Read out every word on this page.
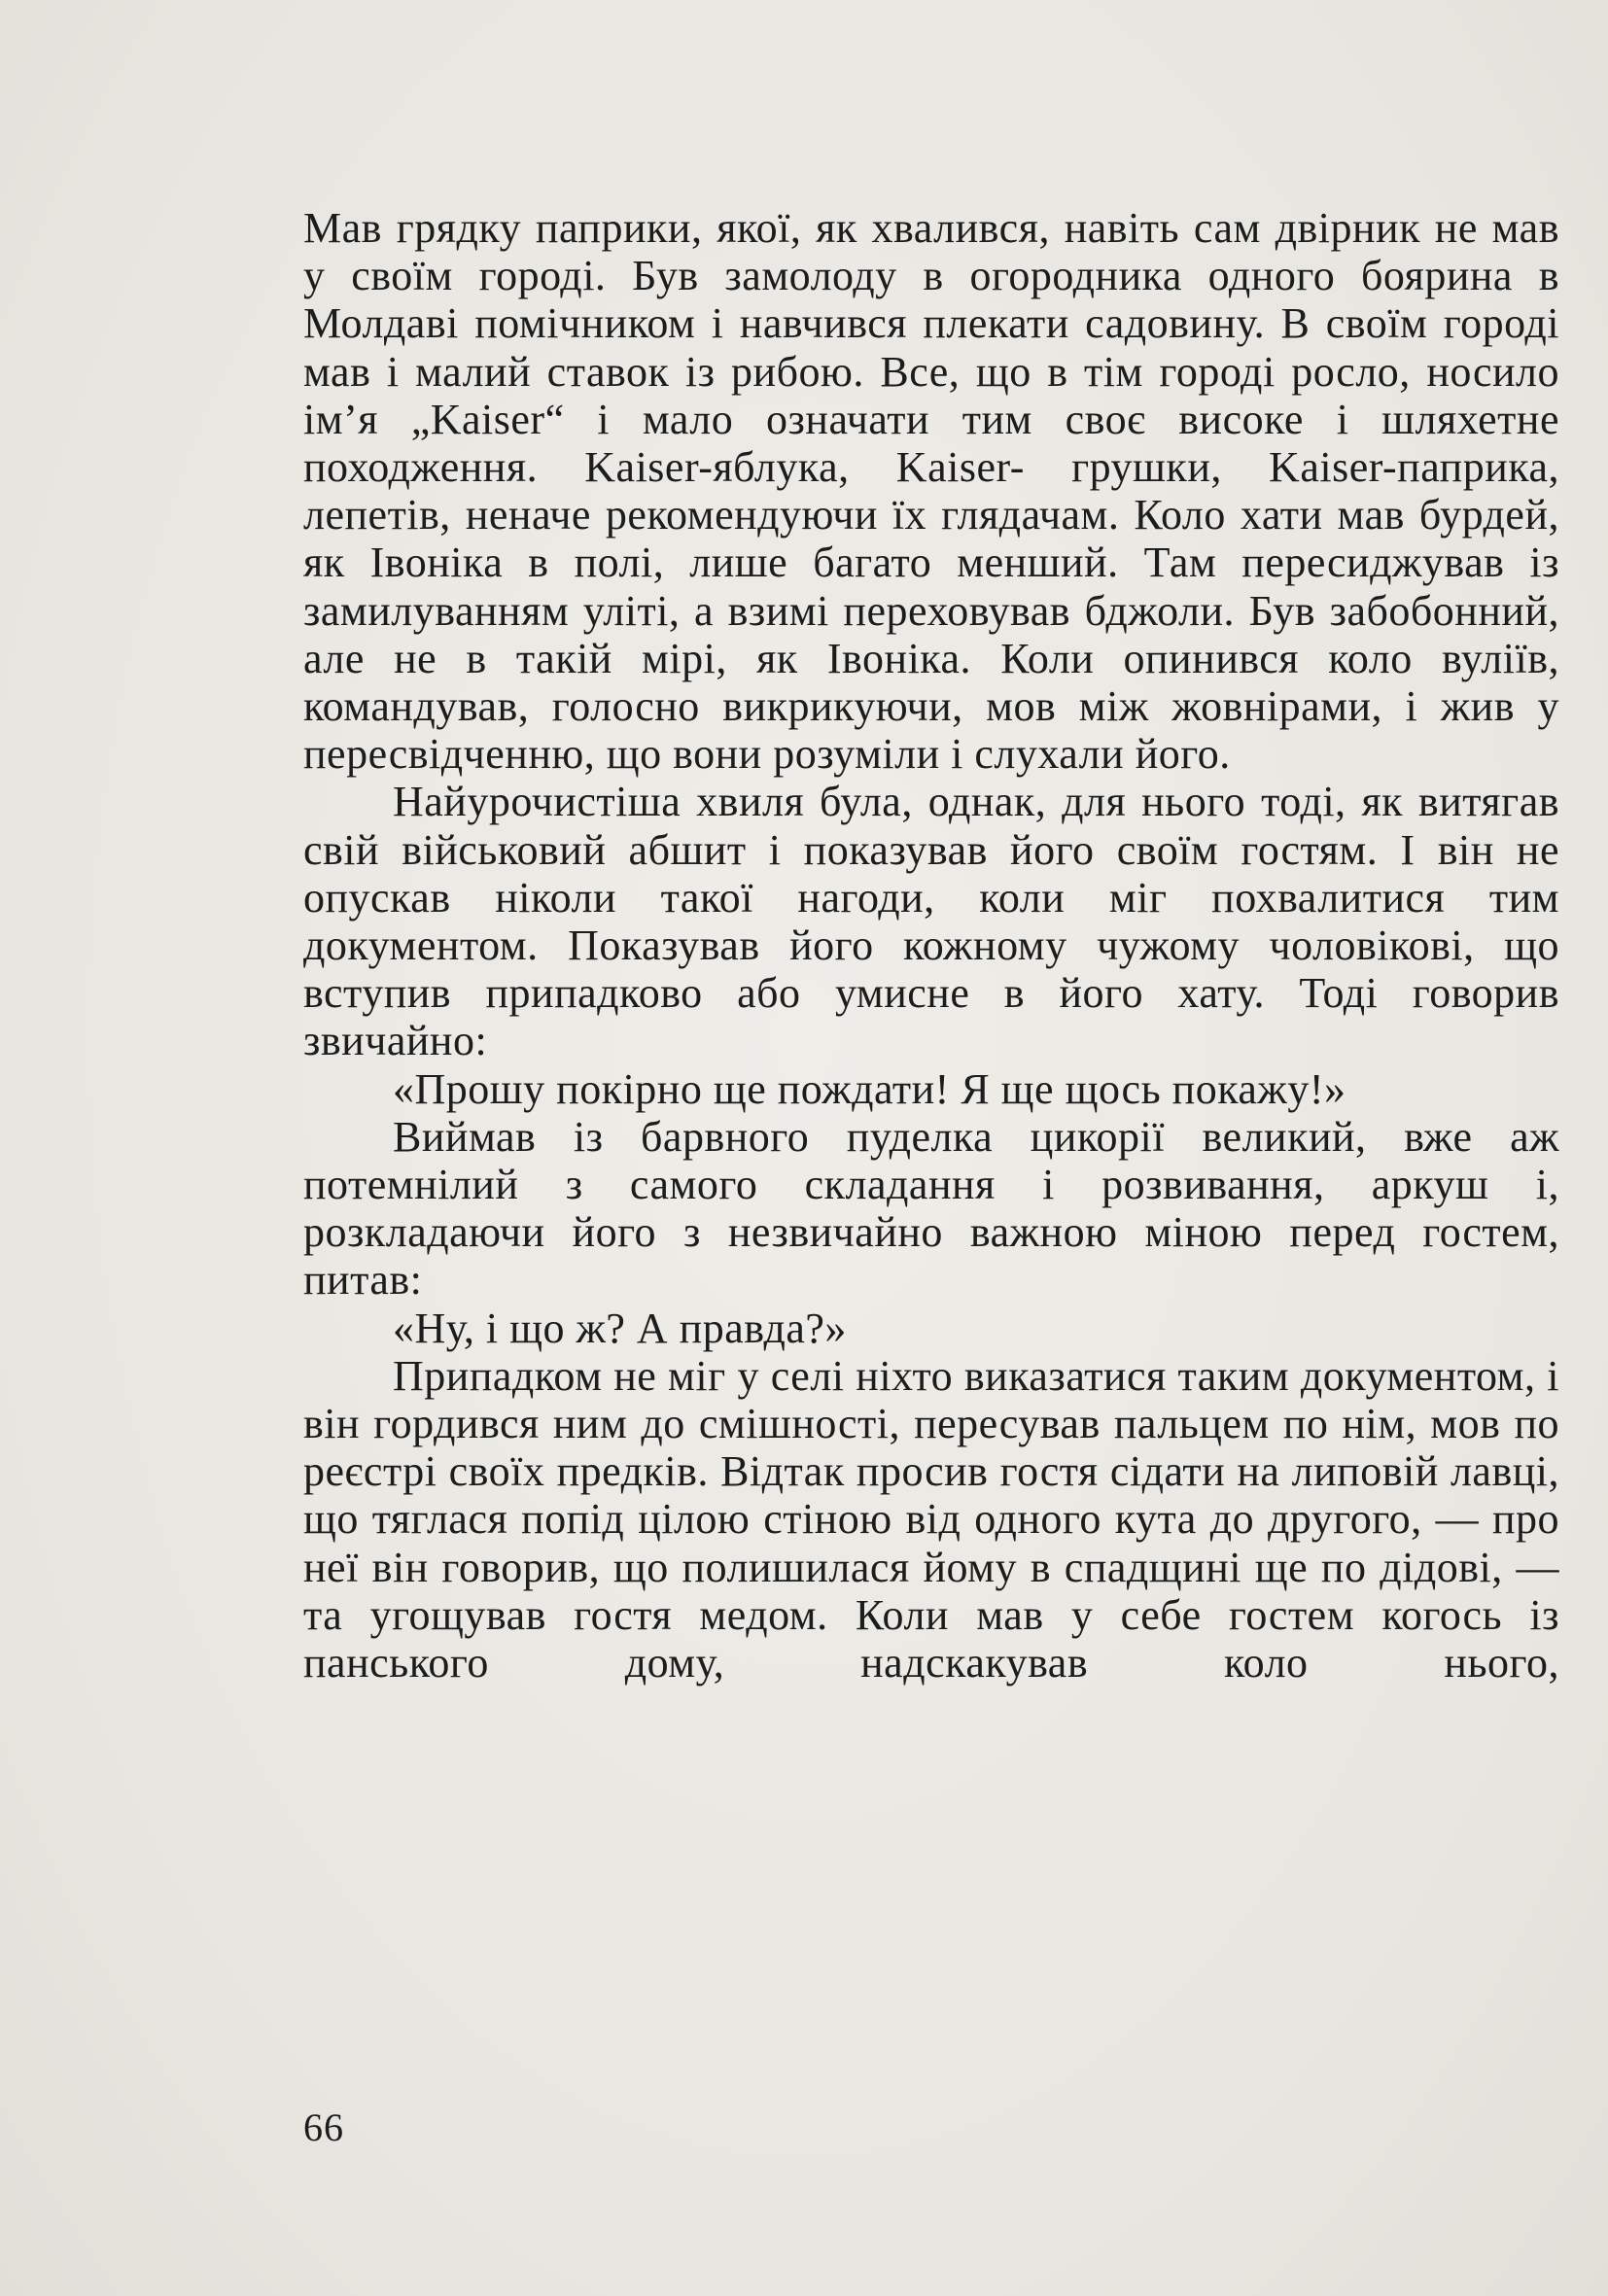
Мав грядку паприки, якої, як хвалився, навіть сам двірник не мав у своїм городі. Був замолоду в огородника одного боярина в Молдаві помічником і навчився плекати садовину. В своїм городі мав і малий ставок із рибою. Все, що в тім городі росло, носило ім’я „Kaiser“ і мало означати тим своє високе і шляхетне походження. Kaiser-яблука, Kaiser- грушки, Kaiser-паприка, лепетів, неначе рекомендуючи їх глядачам. Коло хати мав бурдей, як Івоніка в полі, лише багато менший. Там пересиджував із замилуванням уліті, а взимі переховував бджоли. Був забобонний, але не в такій мірі, як Івоніка. Коли опинився коло вуліїв, командував, голосно викрикуючи, мов між жовнірами, і жив у пересвідченню, що вони розуміли і слухали його.

Найурочистіша хвиля була, однак, для нього тоді, як витягав свій військовий абшит і показував його своїм гостям. І він не опускав ніколи такої нагоди, коли міг похвалитися тим документом. Показував його кожному чужому чоловікові, що вступив припадково або умисне в його хату. Тоді говорив звичайно:

«Прошу покірно ще пождати! Я ще щось покажу!»

Виймав із барвного пуделка цикорії великий, вже аж потемнілий з самого складання і розвивання, аркуш і, розкладаючи його з незвичайно важною міною перед гостем, питав:

«Ну, і що ж? А правда?»

Припадком не міг у селі ніхто виказатися таким документом, і він гордився ним до смішності, пересував пальцем по нім, мов по реєстрі своїх предків. Відтак просив гостя сідати на липовій лавці, що тяглася попід цілою стіною від одного кута до другого, — про неї він говорив, що полишилася йому в спадщині ще по дідові, — та угощував гостя медом. Коли мав у себе гостем когось із панського дому, надскакував коло нього,

66
